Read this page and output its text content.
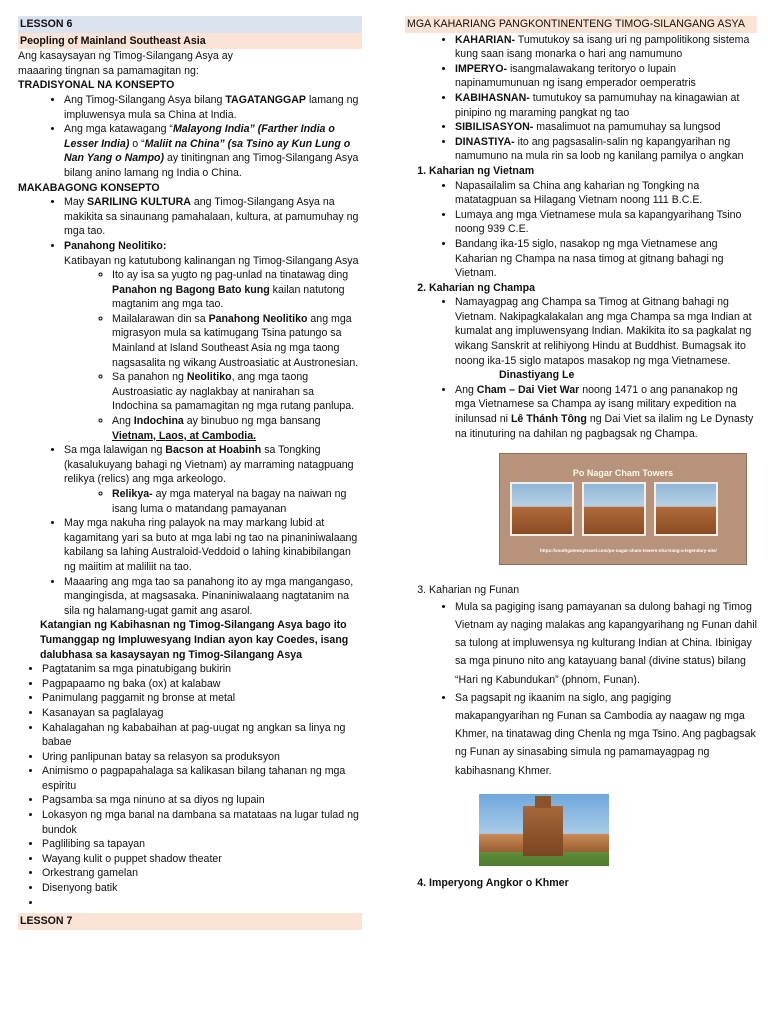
LESSON 6
Peopling of Mainland Southeast Asia

Ang kasaysayan ng Timog-Silangang Asya ay maaaring tingnan sa pamamagitan ng:

TRADISYONAL NA KONSEPTO

• Ang Timog-Silangang Asya bilang TAGATANGGAP lamang ng impluwensya mula sa China at India.
• Ang mga katawagang “Malayong India” (Farther India o Lesser India) o “Maliit na China” (sa Tsino ay Kun Lung o Nan Yang o Nampo) ay tinitingnan ang Timog-Silangang Asya bilang anino lamang ng India o China.

MAKABAGONG KONSEPTO

• May SARILING KULTURA ang Timog-Silangang Asya na makikita sa sinaunang pamahalaan, kultura, at pamumuhay ng mga tao.
• Panahong Neolitiko:
Katibayan ng katutubong kalinangan ng Timog-Silangang Asya
◦ Ito ay isa sa yugto ng pag-unlad na tinatawag ding Panahon ng Bagong Bato kung kailan natutong magtanim ang mga tao.
◦ Mailalarawan din sa Panahong Neolitiko ang mga migrasyon mula sa katimugang Tsina patungo sa Mainland at Island Southeast Asia ng mga taong nagsasalita ng wikang Austroasiatic at Austronesian.
◦ Sa panahon ng Neolitiko, ang mga taong Austroasiatic ay naglakbay at nanirahan sa Indochina sa pamamagitan ng mga rutang panlupa.
◦ Ang Indochina ay binubuo ng mga bansang Vietnam, Laos, at Cambodia.
• Sa mga lalawigan ng Bacson at Hoabinh sa Tongking (kasalukuyang bahagi ng Vietnam) ay marraming natagpuang relikya (relics) ang mga arkeologo.
◦ Relikya- ay mga materyal na bagay na naiwan ng isang luma o matandang pamayanan
• May mga nakuha ring palayok na may markang lubid at kagamitang yari sa buto at mga labi ng tao na pinaniniwalaang kabilang sa lahing Australoid-Veddoid o lahing kinabibilangan ng maiitim at maliliit na tao.
• Maaaring ang mga tao sa panahong ito ay mga mangangaso, mangingisda, at magsasaka. Pinaniniwalaang nagtatanim na sila ng halamang-ugat gamit ang asarol.

Katangian ng Kabihasnan ng Timog-Silangang Asya bago ito Tumanggap ng Impluwesyang Indian ayon kay Coedes, isang dalubhasa sa kasaysayan ng Timog-Silangang Asya

• Pagtatanim sa mga pinatubigang bukirin
• Pagpapaamo ng baka (ox) at kalabaw
• Panimulang paggamit ng bronse at metal
• Kasanayan sa paglalayag
• Kahalagahan ng kababaihan at pag-uugat ng angkan sa linya ng babae
• Uring panlipunan batay sa relasyon sa produksyon
• Animismo o pagpapahalaga sa kalikasan bilang tahanan ng mga espiritu
• Pagsamba sa mga ninuno at sa diyos ng lupain
• Lokasyon ng mga banal na dambana sa matataas na lugar tulad ng bundok
• Paglilibing sa tapayan
• Wayang kulit o puppet shadow theater
• Orkestrang gamelan
• Disenyong batik
•
LESSON 7
MGA KAHARIANG PANGKONTINENTENG TIMOG-SILANGANG ASYA
• KAHARIAN- Tumutukoy sa isang uri ng pampolitikong sistema kung saan isang monarka o hari ang namumuno
• IMPERYO- isangmalawakang teritoryo o lupain napinamumunuan ng isang emperador oemperatris
• KABIHASNAN- tumutukoy sa pamumuhay na kinagawian at pinipino ng maraming pangkat ng tao
• SIBILISASYON- masalimuot na pamumuhay sa lungsod
• DINASTIYA- ito ang pagsasalin-salin ng kapangyarihan ng namumuno na mula rin sa loob ng kanilang pamilya o angkan
1. Kaharian ng Vietnam
• Napasailalim sa China ang kaharian ng Tongking na matatagpuan sa Hilagang Vietnam noong 111 B.C.E.
• Lumaya ang mga Vietnamese mula sa kapangyarihang Tsino noong 939 C.E.
• Bandang ika-15 siglo, nasakop ng mga Vietnamese ang Kaharian ng Champa na nasa timog at gitnang bahagi ng Vietnam.
2. Kaharian ng Champa
• Namayagpag ang Champa sa Timog at Gitnang bahagi ng Vietnam. Nakipagkalakalan ang mga Champa sa mga Indian at kumalat ang impluwensyang Indian. Makikita ito sa pagkalat ng wikang Sanskrit at relihiyong Hindu at Buddhist. Bumagsak ito noong ika-15 siglo matapos masakop ng mga Vietnamese.
Dinastiyang Le
• Ang Cham – Dai Viet War noong 1471 o ang pananakop ng mga Vietnamese sa Champa ay isang military expedition na inilunsad ni Lê Thánh Tông ng Dai Viet sa ilalim ng Le Dynasty na itinuturing na dahilan ng pagbagsak ng Champa.
Po Nagar Cham Towers
https://southgatewaytravel.com/po-nagar-cham-towers-nha-trang-a-legendary-site/
3. Kaharian ng Funan
• Mula sa pagiging isang pamayanan sa dulong bahagi ng Timog Vietnam ay naging malakas ang kapangyarihang ng Funan dahil sa tulong at impluwensya ng kulturang Indian at China. Ibinigay sa mga pinuno nito ang katayuang banal (divine status) bilang “Hari ng Kabundukan” (phnom, Funan).
• Sa pagsapit ng ikaanim na siglo, ang pagiging makapangyarihan ng Funan sa Cambodia ay naagaw ng mga Khmer, na tinatawag ding Chenla ng mga Tsino. Ang pagbagsak ng Funan ay sinasabing simula ng pamamayagpag ng kabihasnang Khmer.
4. Imperyong Angkor o Khmer
